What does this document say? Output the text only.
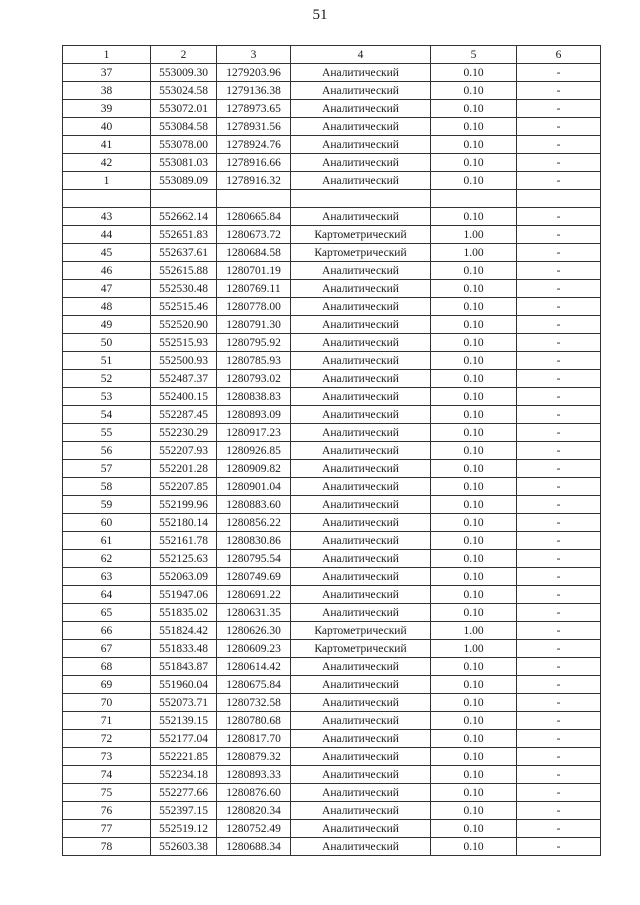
51
1	2	3	4	5	6
37	553009.30	1279203.96	Аналитический	0.10	-
38	553024.58	1279136.38	Аналитический	0.10	-
39	553072.01	1278973.65	Аналитический	0.10	-
40	553084.58	1278931.56	Аналитический	0.10	-
41	553078.00	1278924.76	Аналитический	0.10	-
42	553081.03	1278916.66	Аналитический	0.10	-
1	553089.09	1278916.32	Аналитический	0.10	-

43	552662.14	1280665.84	Аналитический	0.10	-
44	552651.83	1280673.72	Картометрический	1.00	-
45	552637.61	1280684.58	Картометрический	1.00	-
46	552615.88	1280701.19	Аналитический	0.10	-
47	552530.48	1280769.11	Аналитический	0.10	-
48	552515.46	1280778.00	Аналитический	0.10	-
49	552520.90	1280791.30	Аналитический	0.10	-
50	552515.93	1280795.92	Аналитический	0.10	-
51	552500.93	1280785.93	Аналитический	0.10	-
52	552487.37	1280793.02	Аналитический	0.10	-
53	552400.15	1280838.83	Аналитический	0.10	-
54	552287.45	1280893.09	Аналитический	0.10	-
55	552230.29	1280917.23	Аналитический	0.10	-
56	552207.93	1280926.85	Аналитический	0.10	-
57	552201.28	1280909.82	Аналитический	0.10	-
58	552207.85	1280901.04	Аналитический	0.10	-
59	552199.96	1280883.60	Аналитический	0.10	-
60	552180.14	1280856.22	Аналитический	0.10	-
61	552161.78	1280830.86	Аналитический	0.10	-
62	552125.63	1280795.54	Аналитический	0.10	-
63	552063.09	1280749.69	Аналитический	0.10	-
64	551947.06	1280691.22	Аналитический	0.10	-
65	551835.02	1280631.35	Аналитический	0.10	-
66	551824.42	1280626.30	Картометрический	1.00	-
67	551833.48	1280609.23	Картометрический	1.00	-
68	551843.87	1280614.42	Аналитический	0.10	-
69	551960.04	1280675.84	Аналитический	0.10	-
70	552073.71	1280732.58	Аналитический	0.10	-
71	552139.15	1280780.68	Аналитический	0.10	-
72	552177.04	1280817.70	Аналитический	0.10	-
73	552221.85	1280879.32	Аналитический	0.10	-
74	552234.18	1280893.33	Аналитический	0.10	-
75	552277.66	1280876.60	Аналитический	0.10	-
76	552397.15	1280820.34	Аналитический	0.10	-
77	552519.12	1280752.49	Аналитический	0.10	-
78	552603.38	1280688.34	Аналитический	0.10	-
